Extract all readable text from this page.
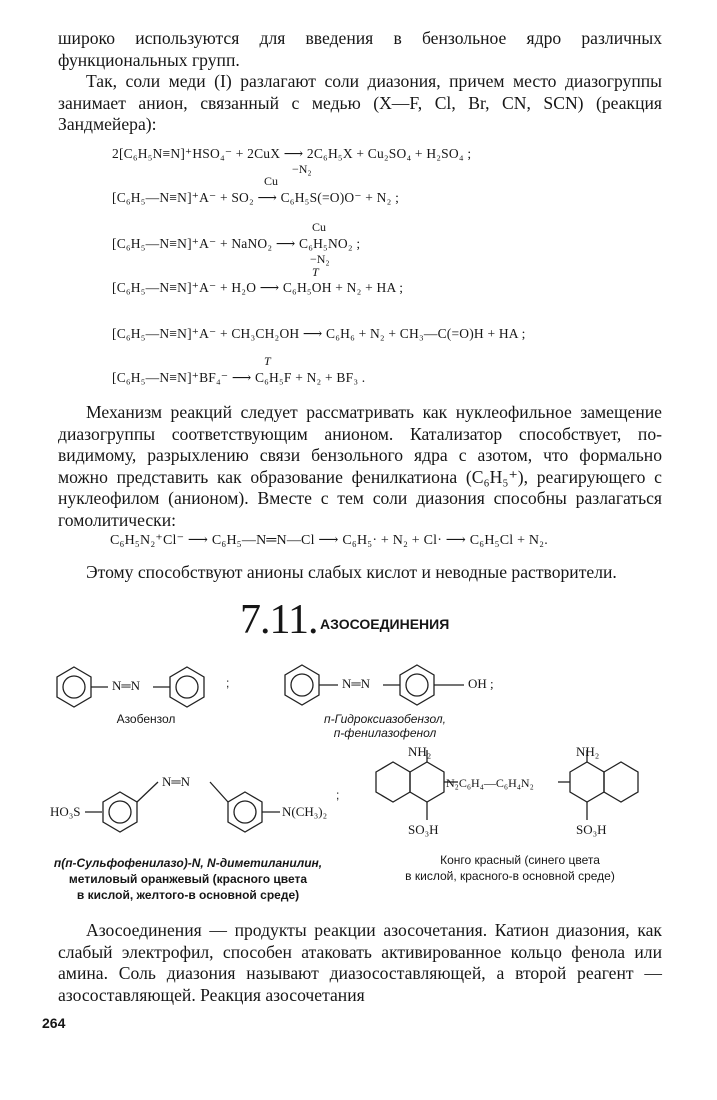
широко используются для введения в бензольное ядро различных функциональных групп.

Так, соли меди (I) разлагают соли диазония, причем место диазогруппы занимает анион, связанный с медью (X—F, Cl, Br, CN, SCN) (реакция Зандмейера):

2[C₆H₅N≡N]⁺HSO₄⁻ + 2CuX ⟶ 2C₆H₅X + Cu₂SO₄ + H₂SO₄ ;
−N₂
Cu
[C₆H₅—N≡N]⁺A⁻ + SO₂ ⟶ C₆H₅S(=O)O⁻ + N₂ ;
Cu
[C₆H₅—N≡N]⁺A⁻ + NaNO₂ ⟶ C₆H₅NO₂ ;
−N₂
T
[C₆H₅—N≡N]⁺A⁻ + H₂O ⟶ C₆H₅OH + N₂ + HA ;
[C₆H₅—N≡N]⁺A⁻ + CH₃CH₂OH ⟶ C₆H₆ + N₂ + CH₃—C(=O)H + HA ;
T
[C₆H₅—N≡N]⁺BF₄⁻ ⟶ C₆H₅F + N₂ + BF₃ .

Механизм реакций следует рассматривать как нуклеофильное замещение диазогруппы соответствующим анионом. Катализатор способствует, по-видимому, разрыхлению связи бензольного ядра с азотом, что формально можно представить как образование фенилкатиона (C₆H₅⁺), реагирующего с нуклеофилом (анионом). Вместе с тем соли диазония способны разлагаться гомолитически:

C₆H₅N₂⁺Cl⁻ ⟶ C₆H₅—N═N—Cl ⟶ C₆H₅· + N₂ + Cl· ⟶ C₆H₅Cl + N₂.

Этому способствуют анионы слабых кислот и неводные растворители.

7.11. АЗОСОЕДИНЕНИЯ
N═N	;
Азобензол
N═N	OH ;
п-Гидроксиазобензол,
п-фенилазофенол
HO₃S
N═N
N(CH₃)₂
;
п(п-Сульфофенилазо)-N, N-диметиланилин,
метиловый оранжевый (красного цвета
в кислой, желтого-в основной среде)
NH₂	NH₂
N₂C₆H₄—C₆H₄N₂
SO₃H	SO₃H
Конго красный (синего цвета
в кислой, красного-в основной среде)

Азосоединения — продукты реакции азосочетания. Катион диазония, как слабый электрофил, способен атаковать активированное кольцо фенола или амина. Соль диазония называют диазосоставляющей, а второй реагент — азосоставляющей. Реакция азосочетания

264
